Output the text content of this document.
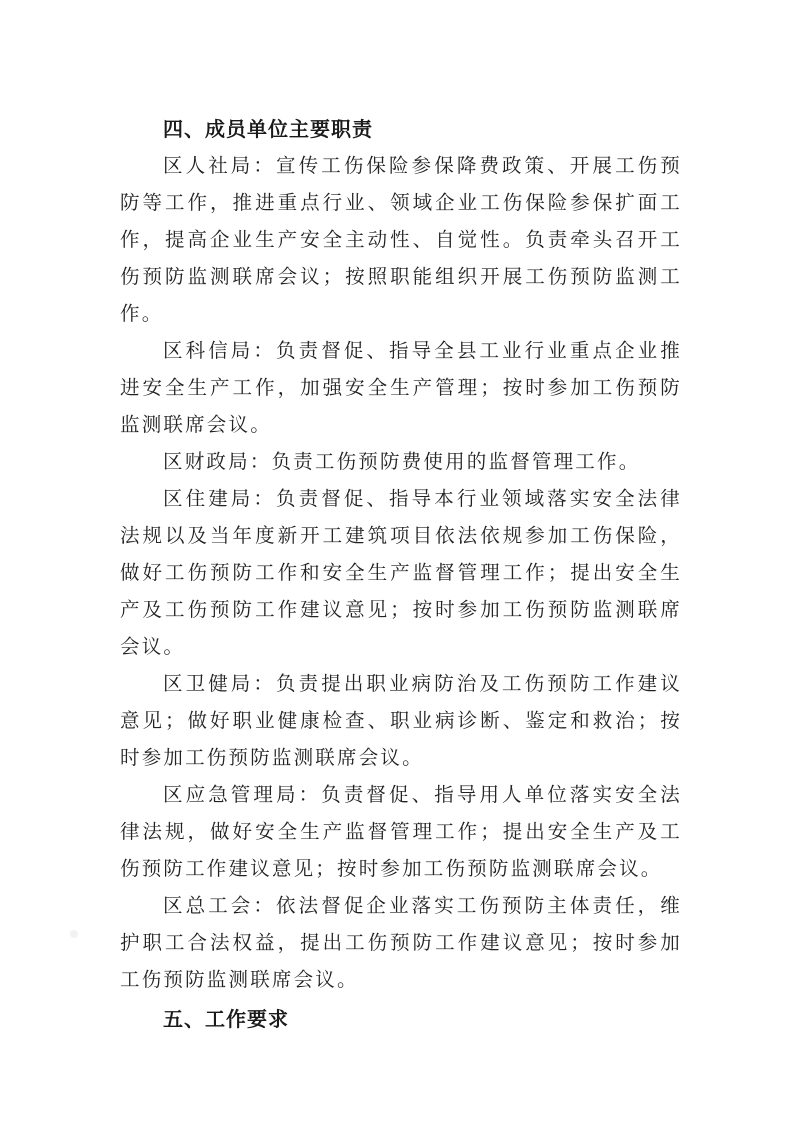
四、成员单位主要职责

区人社局：宣传工伤保险参保降费政策、开展工伤预防等工作，推进重点行业、领域企业工伤保险参保扩面工作，提高企业生产安全主动性、自觉性。负责牵头召开工伤预防监测联席会议；按照职能组织开展工伤预防监测工作。

区科信局：负责督促、指导全县工业行业重点企业推进安全生产工作，加强安全生产管理；按时参加工伤预防监测联席会议。

区财政局：负责工伤预防费使用的监督管理工作。

区住建局：负责督促、指导本行业领域落实安全法律法规以及当年度新开工建筑项目依法依规参加工伤保险，做好工伤预防工作和安全生产监督管理工作；提出安全生产及工伤预防工作建议意见；按时参加工伤预防监测联席会议。

区卫健局：负责提出职业病防治及工伤预防工作建议意见；做好职业健康检查、职业病诊断、鉴定和救治；按时参加工伤预防监测联席会议。

区应急管理局：负责督促、指导用人单位落实安全法律法规，做好安全生产监督管理工作；提出安全生产及工伤预防工作建议意见；按时参加工伤预防监测联席会议。

区总工会：依法督促企业落实工伤预防主体责任，维护职工合法权益，提出工伤预防工作建议意见；按时参加工伤预防监测联席会议。

五、工作要求
